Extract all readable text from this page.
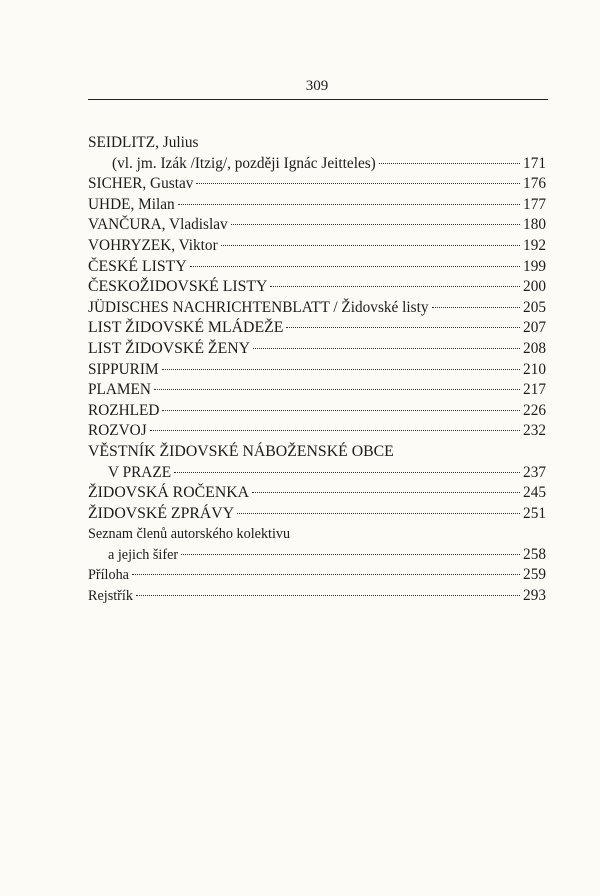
309
SEIDLITZ, Julius
(vl. jm. Izák /Itzig/, později Ignác Jeitteles)	171
SICHER, Gustav	176
UHDE, Milan	177
VANČURA, Vladislav	180
VOHRYZEK, Viktor	192
ČESKÉ LISTY	199
ČESKOŽIDOVSKÉ LISTY	200
JÜDISCHES NACHRICHTENBLATT / Židovské listy	205
LIST ŽIDOVSKÉ MLÁDEŽE	207
LIST ŽIDOVSKÉ ŽENY	208
SIPPURIM	210
PLAMEN	217
ROZHLED	226
ROZVOJ	232
VĚSTNÍK ŽIDOVSKÉ NÁBOŽENSKÉ OBCE
V PRAZE	237
ŽIDOVSKÁ ROČENKA	245
ŽIDOVSKÉ ZPRÁVY	251
Seznam členů autorského kolektivu
a jejich šifer	258
Příloha	259
Rejstřík	293
